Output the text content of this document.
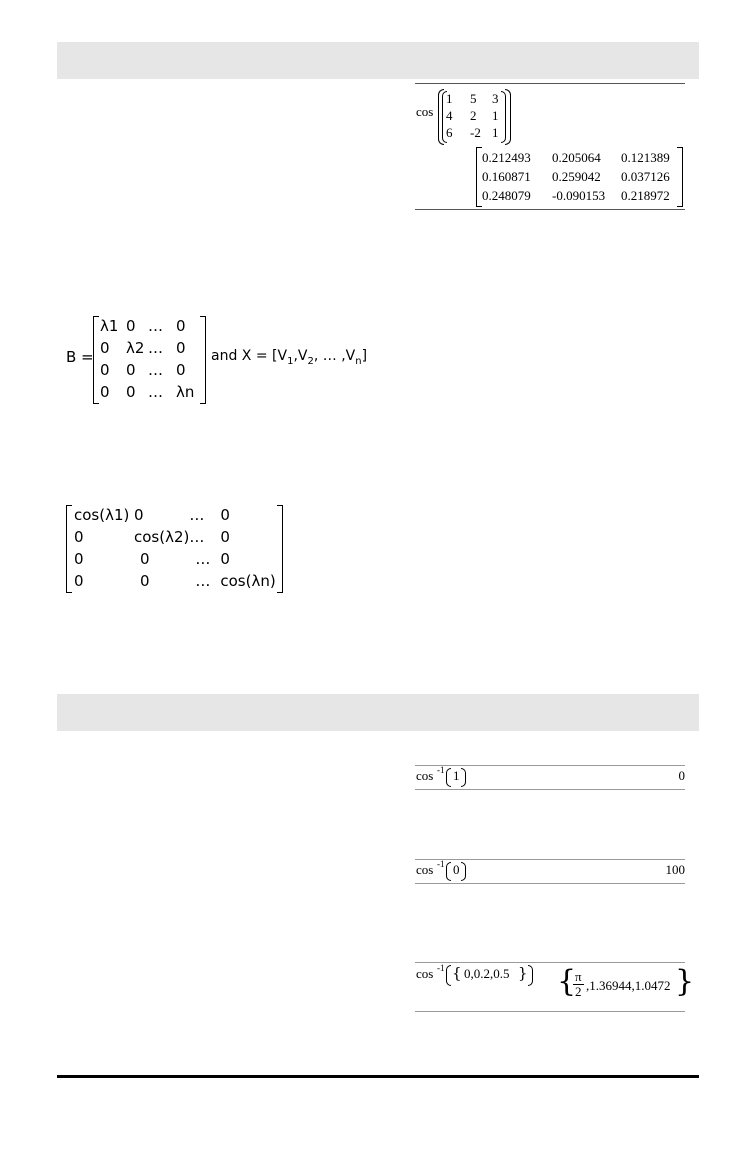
cos
1	5	3
4	2	1
6	-2	1
0.212493	0.205064	0.121389
0.160871	0.259042	0.037126
0.248079	-0.090153	0.218972
B =
λ1	0	…	0
0	λ2	…	0
0	0	…	0
0	0	…	λn
and $X = [V_1,V_2$, … $,V_n$]
cos(λ1)	0	…	0
0	cos(λ2)	…	0
0	0	…	0
0	0	…	cos(λn)
cos -1 1	0
cos -1 0	100
cos -1 { 0,0.2,0.5 } {
$\frac{\pi}{2} ,1.36944,1.0472$ }
